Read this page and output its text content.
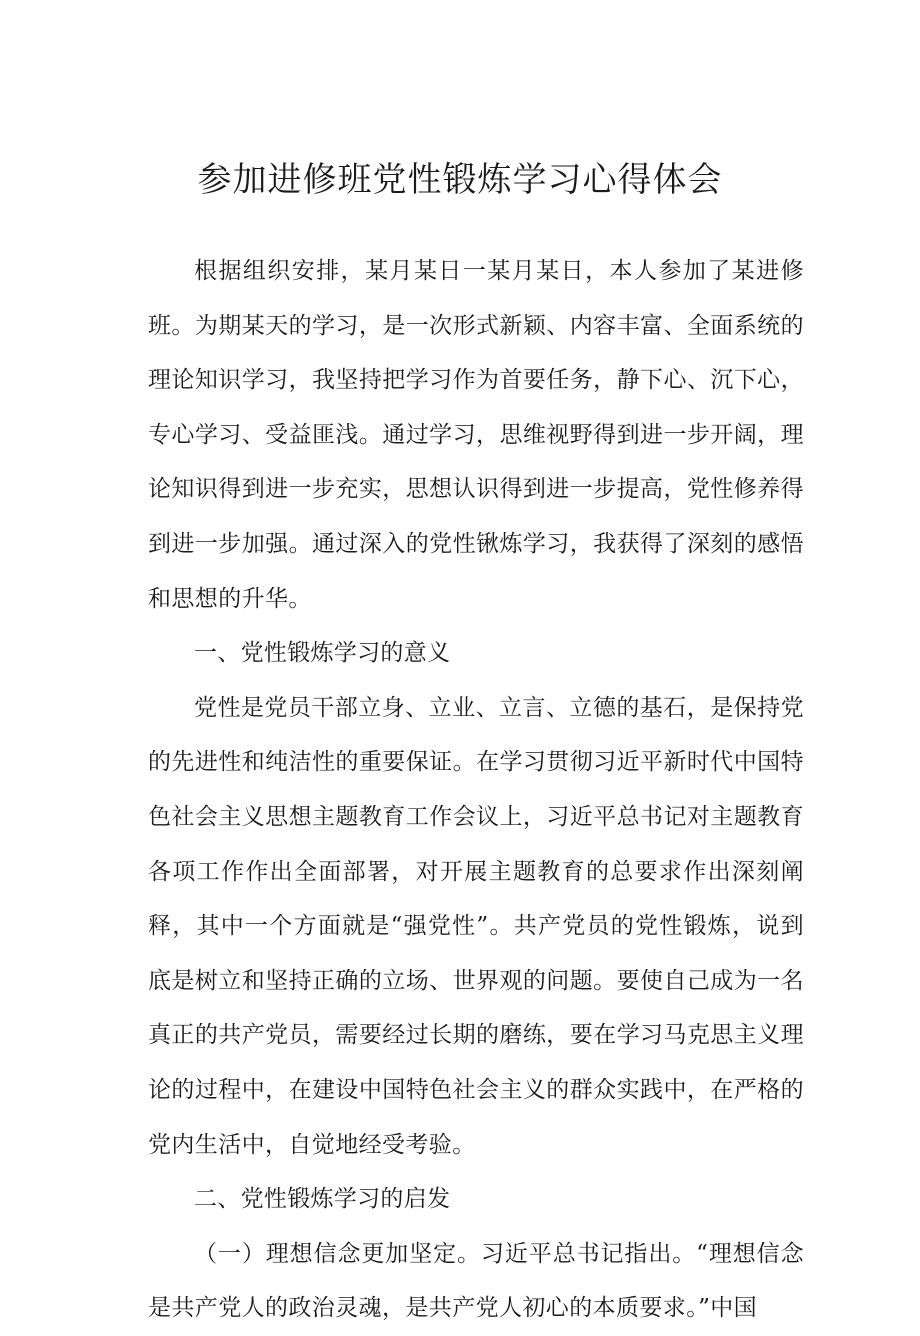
参加进修班党性锻炼学习心得体会

根据组织安排，某月某日一某月某日，本人参加了某进修班。为期某天的学习，是一次形式新颖、内容丰富、全面系统的理论知识学习，我坚持把学习作为首要任务，静下心、沉下心，专心学习、受益匪浅。通过学习，思维视野得到进一步开阔，理论知识得到进一步充实，思想认识得到进一步提高，党性修养得到进一步加强。通过深入的党性锹炼学习，我获得了深刻的感悟和思想的升华。

一、党性锻炼学习的意义

党性是党员干部立身、立业、立言、立德的基石，是保持党的先进性和纯洁性的重要保证。在学习贯彻习近平新时代中国特色社会主义思想主题教育工作会议上，习近平总书记对主题教育各项工作作出全面部署，对开展主题教育的总要求作出深刻阐释，其中一个方面就是“强党性”。共产党员的党性锻炼，说到底是树立和坚持正确的立场、世界观的问题。要使自己成为一名真正的共产党员，需要经过长期的磨练，要在学习马克思主义理论的过程中，在建设中国特色社会主义的群众实践中，在严格的党内生活中，自觉地经受考验。

二、党性锻炼学习的启发

（一）理想信念更加坚定。习近平总书记指出。“理想信念是共产党人的政治灵魂，是共产党人初心的本质要求。”中国
